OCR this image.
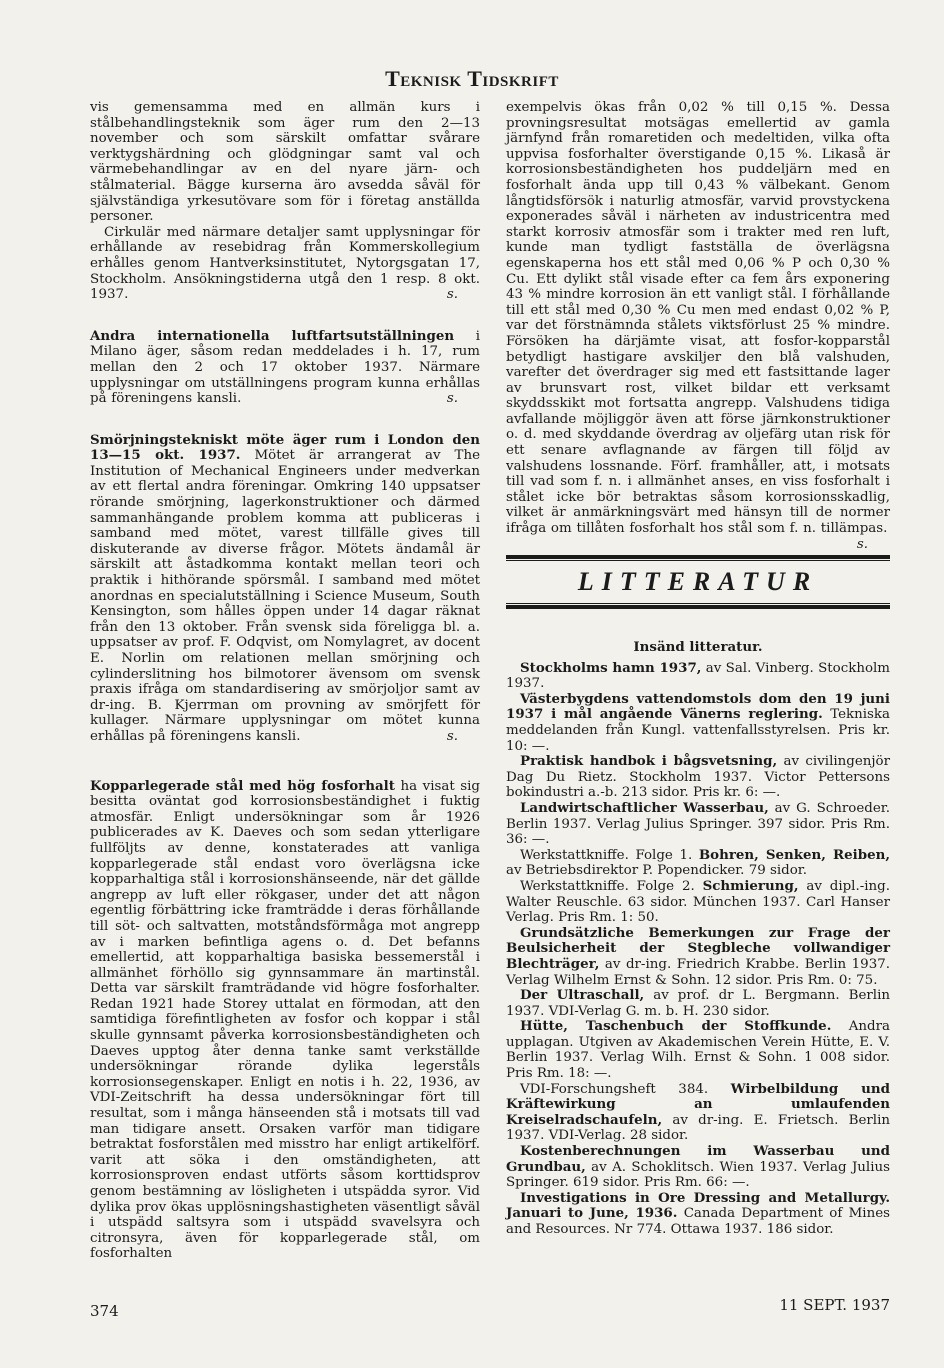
Teknisk Tidskrift

vis gemensamma med en allmän kurs i stålbehandlingsteknik som äger rum den 2—13 november och som särskilt omfattar svårare verktygshärdning och glödgningar samt val och värmebehandlingar av en del nyare järn- och stålmaterial. Bägge kurserna äro avsedda såväl för självständiga yrkesutövare som för i företag anställda personer.

Cirkulär med närmare detaljer samt upplysningar för erhållande av resebidrag från Kommerskollegium erhålles genom Hantverksinstitutet, Nytorgsgatan 17, Stockholm. Ansökningstiderna utgå den 1 resp. 8 okt. 1937.	s.

Andra internationella luftfartsutställningen i Milano äger, såsom redan meddelades i h. 17, rum mellan den 2 och 17 oktober 1937. Närmare upplysningar om utställningens program kunna erhållas på föreningens kansli.	s.

Smörjningstekniskt möte äger rum i London den 13—15 okt. 1937. Mötet är arrangerat av The Institution of Mechanical Engineers under medverkan av ett flertal andra föreningar. Omkring 140 uppsatser rörande smörjning, lagerkonstruktioner och därmed sammanhängande problem komma att publiceras i samband med mötet, varest tillfälle gives till diskuterande av diverse frågor. Mötets ändamål är särskilt att åstadkomma kontakt mellan teori och praktik i hithörande spörsmål. I samband med mötet anordnas en specialutställning i Science Museum, South Kensington, som hålles öppen under 14 dagar räknat från den 13 oktober. Från svensk sida föreligga bl. a. uppsatser av prof. F. Odqvist, om Nomylagret, av docent E. Norlin om relationen mellan smörjning och cylinderslitning hos bilmotorer ävensom om svensk praxis ifråga om standardisering av smörjoljor samt av dr-ing. B. Kjerrman om provning av smörjfett för kullager. Närmare upplysningar om mötet kunna erhållas på föreningens kansli.	s.

Kopparlegerade stål med hög fosforhalt ha visat sig besitta oväntat god korrosionsbeständighet i fuktig atmosfär. Enligt undersökningar som år 1926 publicerades av K. Daeves och som sedan ytterligare fullföljts av denne, konstaterades att vanliga kopparlegerade stål endast voro överlägsna icke kopparhaltiga stål i korrosionshänseende, när det gällde angrepp av luft eller rökgaser, under det att någon egentlig förbättring icke framträdde i deras förhållande till söt- och saltvatten, motståndsförmåga mot angrepp av i marken befintliga agens o. d. Det befanns emellertid, att kopparhaltiga basiska bessemerstål i allmänhet förhöllo sig gynnsammare än martinstål. Detta var särskilt framträdande vid högre fosforhalter. Redan 1921 hade Storey uttalat en förmodan, att den samtidiga förefintligheten av fosfor och koppar i stål skulle gynnsamt påverka korrosionsbeständigheten och Daeves upptog åter denna tanke samt verkställde undersökningar rörande dylika legerståls korrosionsegenskaper. Enligt en notis i h. 22, 1936, av VDI-Zeitschrift ha dessa undersökningar fört till resultat, som i många hänseenden stå i motsats till vad man tidigare ansett. Orsaken varför man tidigare betraktat fosforstålen med misstro har enligt artikelförf. varit att söka i den omständigheten, att korrosionsproven endast utförts såsom korttidsprov genom bestämning av lösligheten i utspädda syror. Vid dylika prov ökas upplösningshastigheten väsentligt såväl i utspädd saltsyra som i utspädd svavelsyra och citronsyra, även för kopparlegerade stål, om fosforhalten

exempelvis ökas från 0,02 % till 0,15 %. Dessa provningsresultat motsägas emellertid av gamla järnfynd från romaretiden och medeltiden, vilka ofta uppvisa fosforhalter överstigande 0,15 %. Likaså är korrosionsbeständigheten hos puddeljärn med en fosforhalt ända upp till 0,43 % välbekant. Genom långtidsförsök i naturlig atmosfär, varvid provstyckena exponerades såväl i närheten av industricentra med starkt korrosiv atmosfär som i trakter med ren luft, kunde man tydligt fastställa de överlägsna egenskaperna hos ett stål med 0,06 % P och 0,30 % Cu. Ett dylikt stål visade efter ca fem års exponering 43 % mindre korrosion än ett vanligt stål. I förhållande till ett stål med 0,30 % Cu men med endast 0,02 % P, var det förstnämnda stålets viktsförlust 25 % mindre. Försöken ha därjämte visat, att fosfor-kopparstål betydligt hastigare avskiljer den blå valshuden, varefter det överdrager sig med ett fastsittande lager av brunsvart rost, vilket bildar ett verksamt skyddsskikt mot fortsatta angrepp. Valshudens tidiga avfallande möjliggör även att förse järnkonstruktioner o. d. med skyddande överdrag av oljefärg utan risk för ett senare avflagnande av färgen till följd av valshudens lossnande. Förf. framhåller, att, i motsats till vad som f. n. i allmänhet anses, en viss fosforhalt i stålet icke bör betraktas såsom korrosionsskadlig, vilket är anmärkningsvärt med hänsyn till de normer ifråga om tillåten fosforhalt hos stål som f. n. tillämpas.
s.

LITTERATUR
Insänd litteratur.

Stockholms hamn 1937, av Sal. Vinberg. Stockholm 1937.

Västerbygdens vattendomstols dom den 19 juni 1937 i mål angående Vänerns reglering. Tekniska meddelanden från Kungl. vattenfallsstyrelsen. Pris kr. 10: —.

Praktisk handbok i bågsvetsning, av civilingenjör Dag Du Rietz. Stockholm 1937. Victor Pettersons bokindustri a.-b. 213 sidor. Pris kr. 6: —.

Landwirtschaftlicher Wasserbau, av G. Schroeder. Berlin 1937. Verlag Julius Springer. 397 sidor. Pris Rm. 36: —.

Werkstattkniffe. Folge 1. Bohren, Senken, Reiben, av Betriebsdirektor P. Popendicker. 79 sidor.

Werkstattkniffe. Folge 2. Schmierung, av dipl.-ing. Walter Reuschle. 63 sidor. München 1937. Carl Hanser Verlag. Pris Rm. 1: 50.

Grundsätzliche Bemerkungen zur Frage der Beulsicherheit der Stegbleche vollwandiger Blechträger, av dr-ing. Friedrich Krabbe. Berlin 1937. Verlag Wilhelm Ernst & Sohn. 12 sidor. Pris Rm. 0: 75.

Der Ultraschall, av prof. dr L. Bergmann. Berlin 1937. VDI-Verlag G. m. b. H. 230 sidor.

Hütte, Taschenbuch der Stoffkunde. Andra upplagan. Utgiven av Akademischen Verein Hütte, E. V. Berlin 1937. Verlag Wilh. Ernst & Sohn. 1 008 sidor. Pris Rm. 18: —.

VDI-Forschungsheft 384. Wirbelbildung und Kräftewirkung an umlaufenden Kreiselradschaufeln, av dr-ing. E. Frietsch. Berlin 1937. VDI-Verlag. 28 sidor.

Kostenberechnungen im Wasserbau und Grundbau, av A. Schoklitsch. Wien 1937. Verlag Julius Springer. 619 sidor. Pris Rm. 66: —.

Investigations in Ore Dressing and Metallurgy. Januari to June, 1936. Canada Department of Mines and Resources. Nr 774. Ottawa 1937. 186 sidor.

374	11 SEPT. 1937
